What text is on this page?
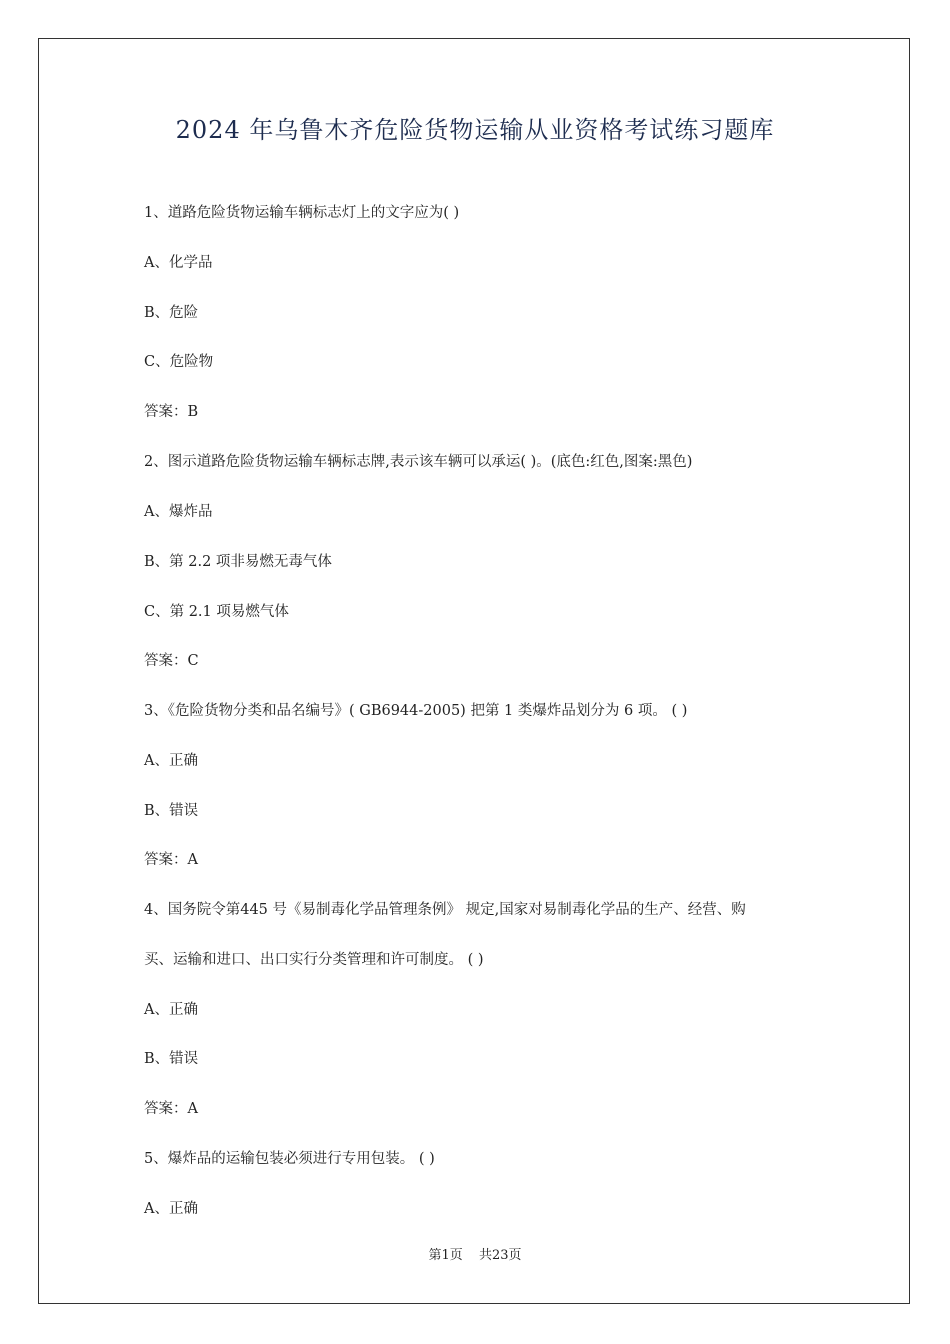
2024 年乌鲁木齐危险货物运输从业资格考试练习题库
1、道路危险货物运输车辆标志灯上的文字应为( )
A、化学品
B、危险
C、危险物
答案：B
2、图示道路危险货物运输车辆标志牌,表示该车辆可以承运( )。(底色:红色,图案:黑色)
A、爆炸品
B、第 2.2 项非易燃无毒气体
C、第 2.1 项易燃气体
答案：C
3、《危险货物分类和品名编号》( GB6944-2005) 把第 1 类爆炸品划分为 6 项。 ( )
A、正确
B、错误
答案：A
4、国务院令第445 号《易制毒化学品管理条例》 规定,国家对易制毒化学品的生产、经营、购
买、运输和进口、出口实行分类管理和许可制度。 ( )
A、正确
B、错误
答案：A
5、爆炸品的运输包装必须进行专用包装。 ( )
A、正确
第1页 共23页
